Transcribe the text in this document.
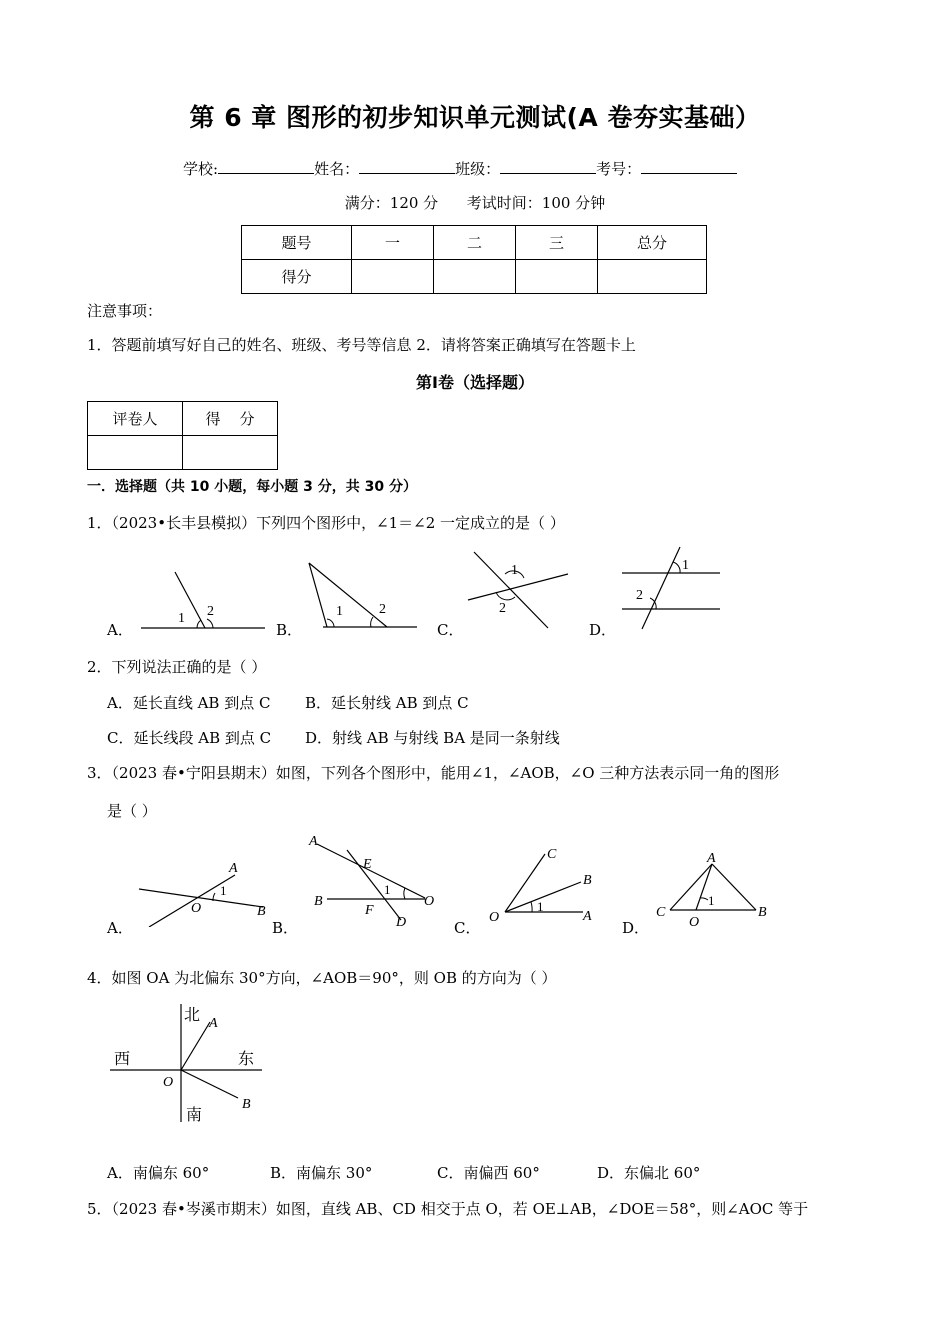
第 6 章 图形的初步知识单元测试(A 卷夯实基础）
学校:	姓名：	班级：	考号：
满分：120 分      考试时间：100 分钟
题号	一	二	三	总分
得分				
注意事项：
1．答题前填写好自己的姓名、班级、考号等信息 2．请将答案正确填写在答题卡上
第Ⅰ卷（选择题）
评卷人	得    分

一．选择题（共 10 小题，每小题 3 分，共 30 分）
1．（2023•长丰县模拟）下列四个图形中，∠1＝∠2 一定成立的是（ ）
A．
1 2
B．
1	2
C．
1
2
D．
1
2
2．下列说法正确的是（ ）
A．延长直线 AB 到点 C B．延长射线 AB 到点 C
C．延长线段 AB 到点 C D．射线 AB 与射线 BA 是同一条射线
3．（2023 春•宁阳县期末）如图，下列各个图形中，能用∠1，∠AOB，∠O 三种方法表示同一角的图形
是（ ）
A．
A
1
O	B
B．
A
E
1
O
B
F
D	C．
C
B
1
A
O
D．
A
1
C	B
O
4．如图 OA 为北偏东 30°方向，∠AOB＝90°，则 OB 的方向为（ ）
北
西	东
南
A
O
B
A．南偏东 60°	B．南偏东 30°	C．南偏西 60°	D．东偏北 60°
5．（2023 春•岑溪市期末）如图，直线 AB、CD 相交于点 O，若 OE⊥AB，∠DOE＝58°，则∠AOC 等于
